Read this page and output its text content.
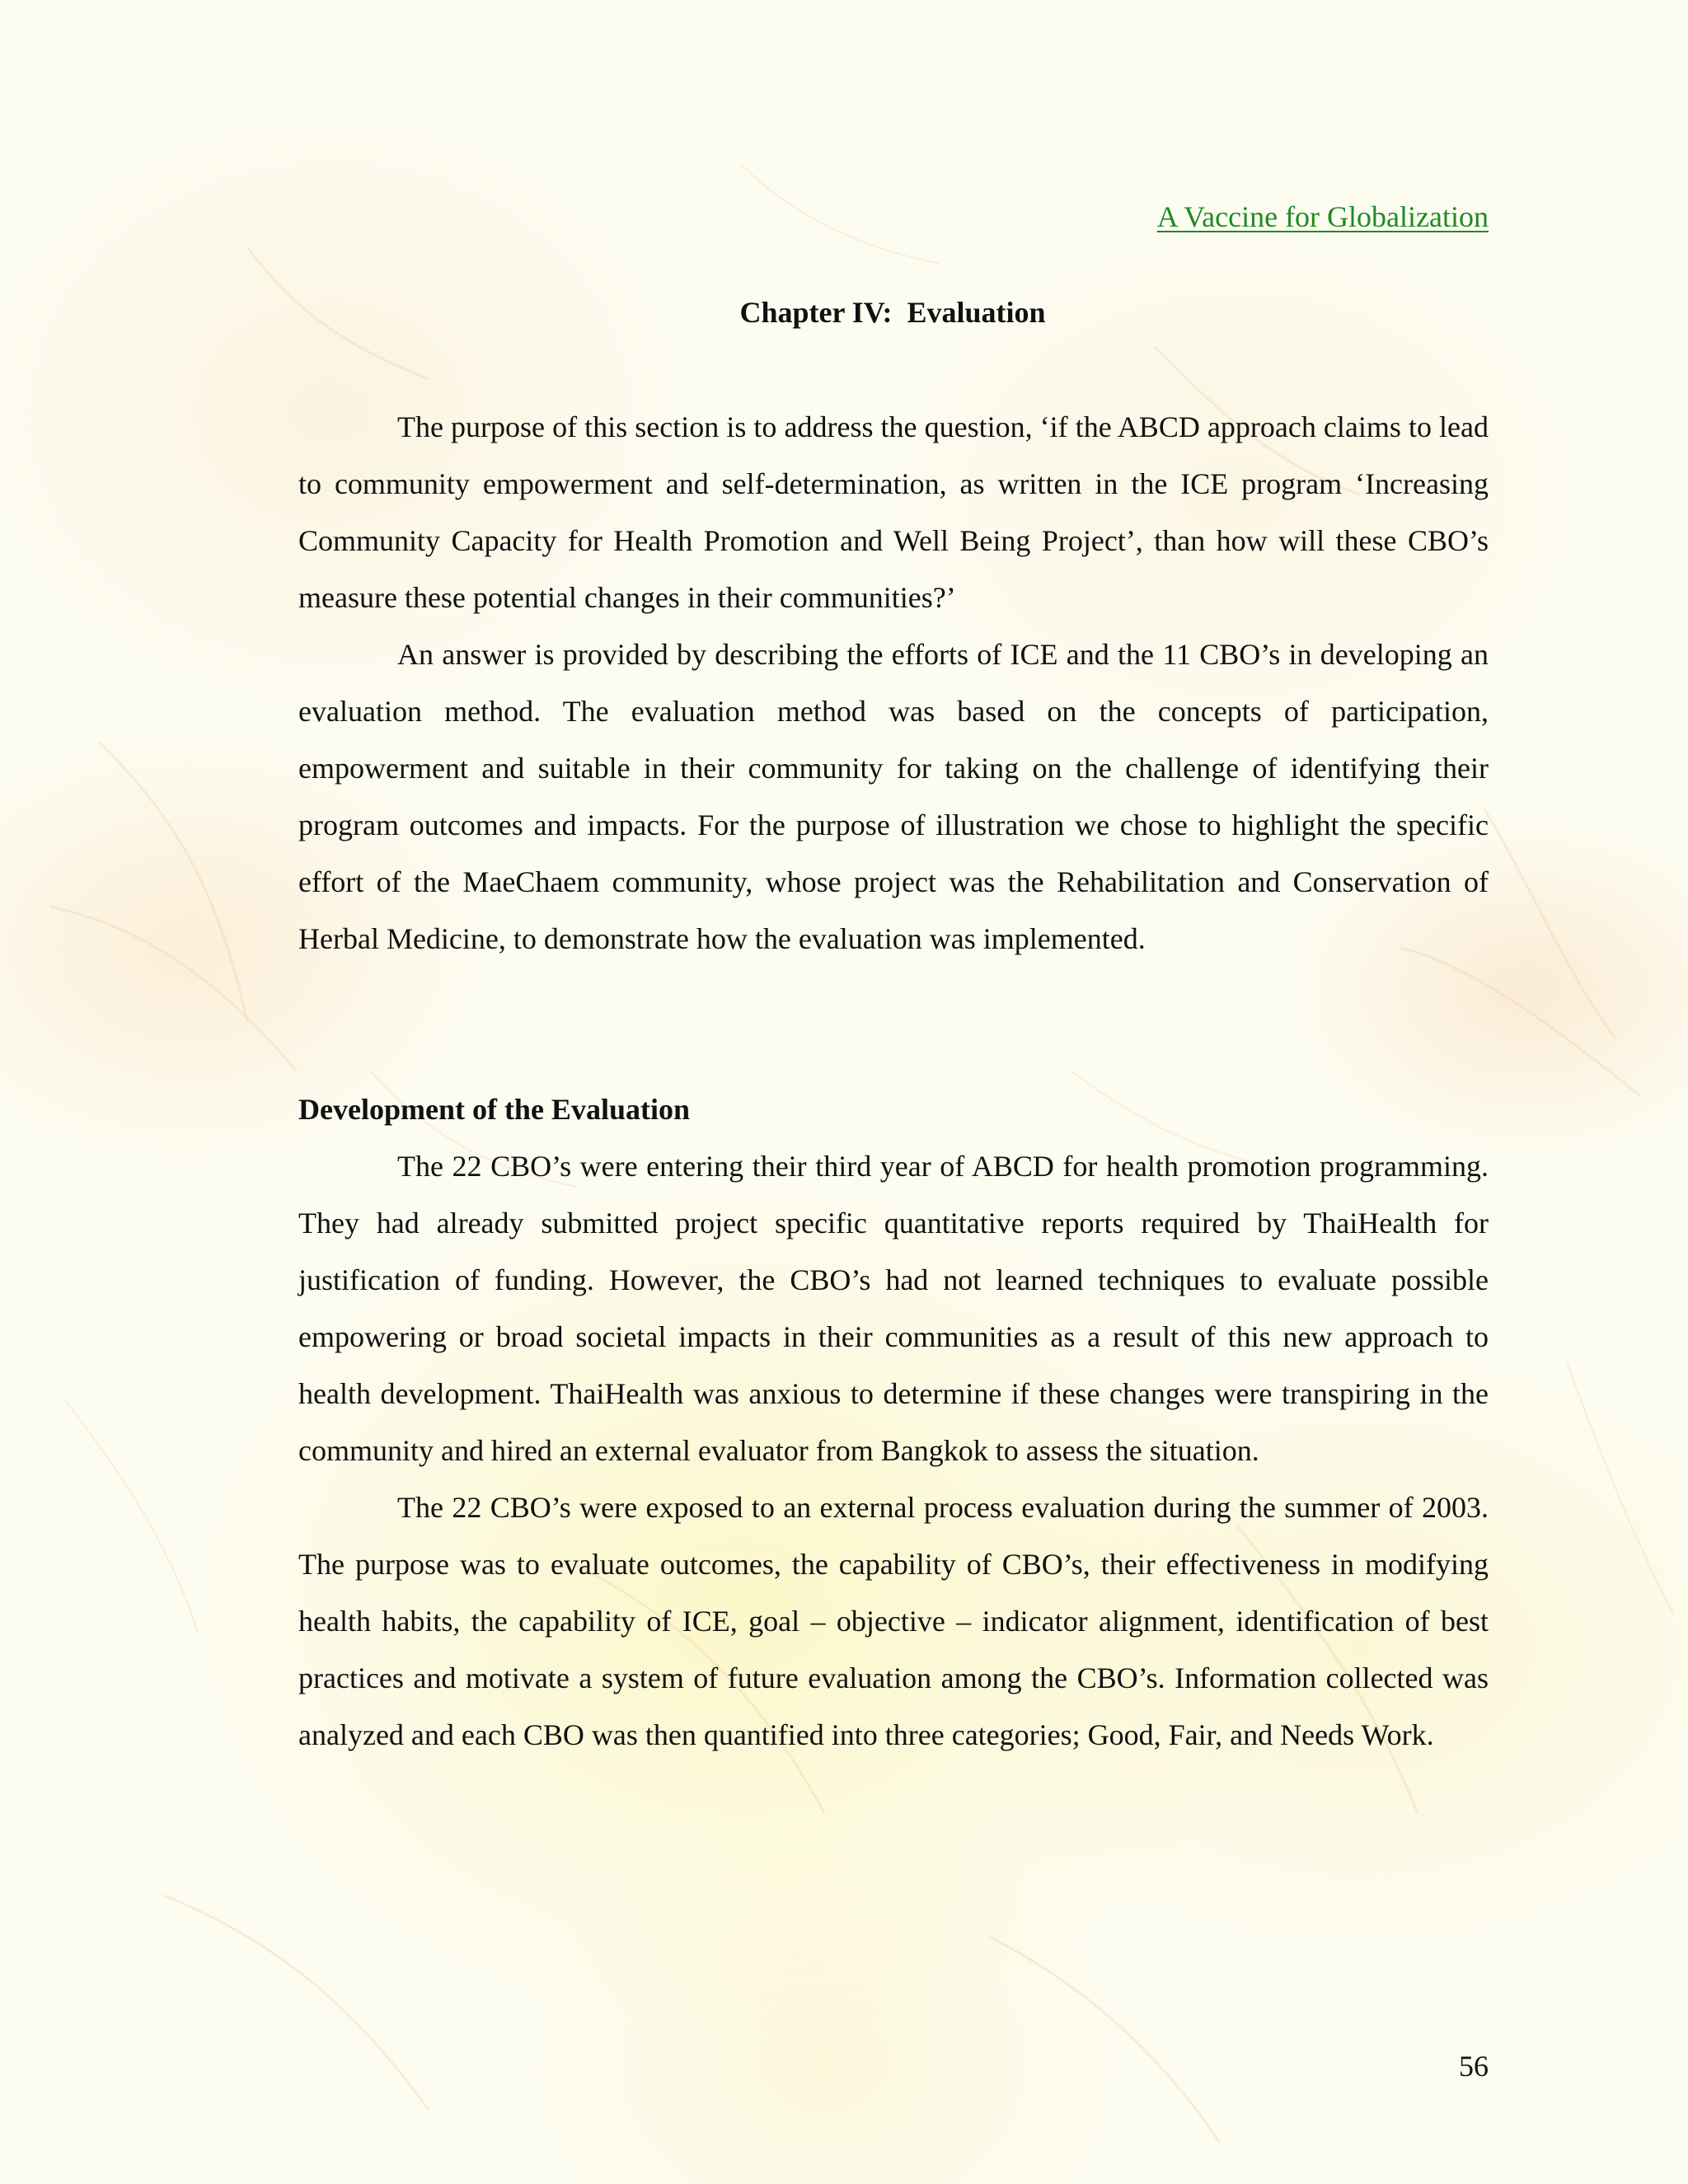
A Vaccine for Globalization
Chapter IV:  Evaluation

The purpose of this section is to address the question, ‘if the ABCD approach claims to lead to community empowerment and self-determination, as written in the ICE program ‘Increasing Community Capacity for Health Promotion and Well Being Project’, than how will these CBO’s measure these potential changes in their communities?’

An answer is provided by describing the efforts of ICE and the 11 CBO’s in developing an evaluation method. The evaluation method was based on the concepts of participation, empowerment and suitable in their community for taking on the challenge of identifying their program outcomes and impacts. For the purpose of illustration we chose to highlight the specific effort of the MaeChaem community, whose project was the Rehabilitation and Conservation of Herbal Medicine, to demonstrate how the evaluation was implemented.

Development of the Evaluation

The 22 CBO’s were entering their third year of ABCD for health promotion programming. They had already submitted project specific quantitative reports required by ThaiHealth for justification of funding. However, the CBO’s had not learned techniques to evaluate possible empowering or broad societal impacts in their communities as a result of this new approach to health development. ThaiHealth was anxious to determine if these changes were transpiring in the community and hired an external evaluator from Bangkok to assess the situation.

The 22 CBO’s were exposed to an external process evaluation during the summer of 2003. The purpose was to evaluate outcomes, the capability of CBO’s, their effectiveness in modifying health habits, the capability of ICE, goal – objective – indicator alignment, identification of best practices and motivate a system of future evaluation among the CBO’s. Information collected was analyzed and each CBO was then quantified into three categories; Good, Fair, and Needs Work.

56
